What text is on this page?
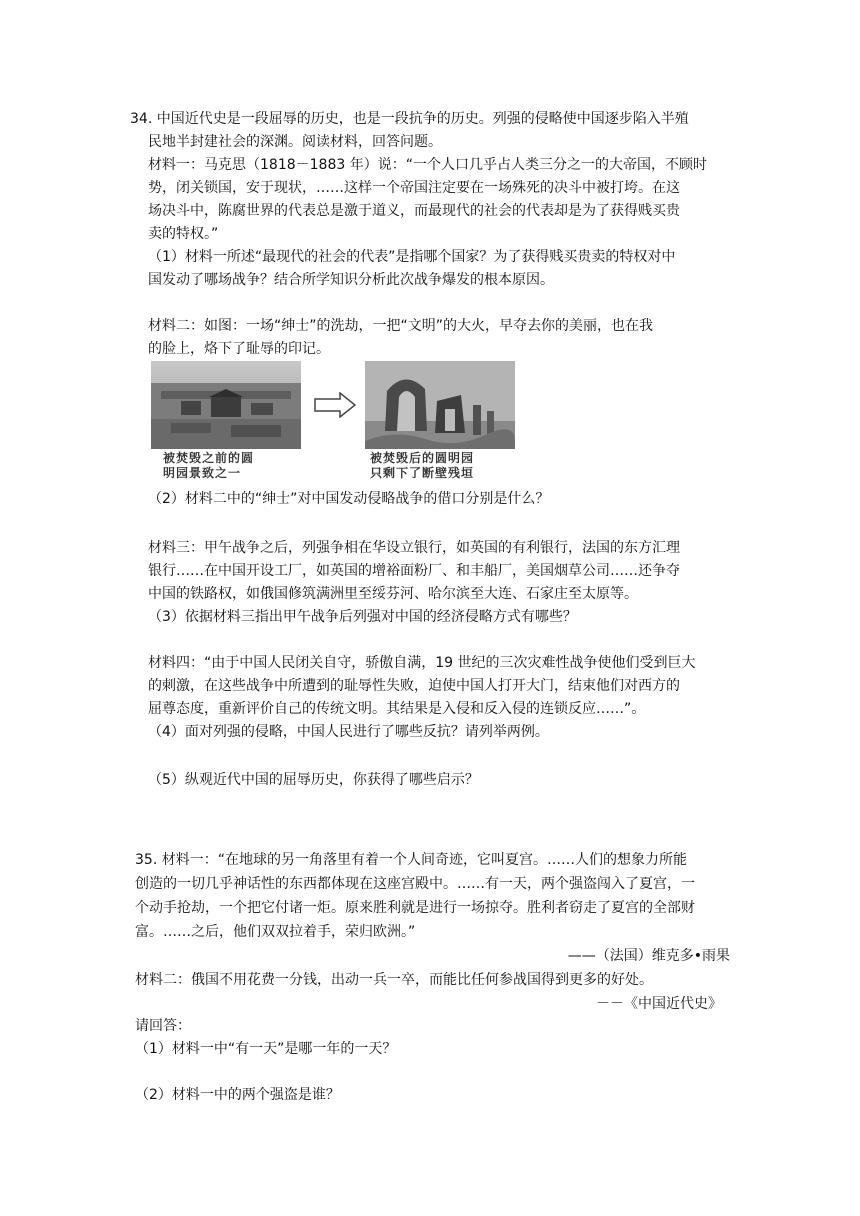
34. 中国近代史是一段屈辱的历史，也是一段抗争的历史。列强的侵略使中国逐步陷入半殖
民地半封建社会的深渊。阅读材料，回答问题。
材料一：马克思（1818－1883 年）说：“一个人口几乎占人类三分之一的大帝国，不顾时
势，闭关锁国，安于现状，……这样一个帝国注定要在一场殊死的决斗中被打垮。在这
场决斗中，陈腐世界的代表总是激于道义，而最现代的社会的代表却是为了获得贱买贵
卖的特权。”
（1）材料一所述“最现代的社会的代表”是指哪个国家？为了获得贱买贵卖的特权对中
国发动了哪场战争？结合所学知识分析此次战争爆发的根本原因。
材料二：如图：一场“绅士”的洗劫，一把“文明”的大火，早夺去你的美丽，也在我
的脸上，烙下了耻辱的印记。
被焚毁之前的圆
明园景致之一
被焚毁后的圆明园
只剩下了断壁残垣
（2）材料二中的“绅士”对中国发动侵略战争的借口分别是什么？
材料三：甲午战争之后，列强争相在华设立银行，如英国的有利银行，法国的东方汇理
银行……在中国开设工厂，如英国的增裕面粉厂、和丰船厂，美国烟草公司……还争夺
中国的铁路权，如俄国修筑满洲里至绥芬河、哈尔滨至大连、石家庄至太原等。
（3）依据材料三指出甲午战争后列强对中国的经济侵略方式有哪些？
材料四：“由于中国人民闭关自守，骄傲自满，19 世纪的三次灾难性战争使他们受到巨大
的刺激，在这些战争中所遭到的耻辱性失败，迫使中国人打开大门，结束他们对西方的
屈尊态度，重新评价自己的传统文明。其结果是入侵和反入侵的连锁反应……”。
（4）面对列强的侵略，中国人民进行了哪些反抗？请列举两例。
（5）纵观近代中国的屈辱历史，你获得了哪些启示？
35. 材料一：“在地球的另一角落里有着一个人间奇迹，它叫夏宫。……人们的想象力所能
创造的一切几乎神话性的东西都体现在这座宫殿中。……有一天，两个强盗闯入了夏宫，一
个动手抢劫，一个把它付诸一炬。原来胜利就是进行一场掠夺。胜利者窃走了夏宫的全部财
富。……之后，他们双双拉着手，荣归欧洲。”
——（法国）维克多•雨果
材料二：俄国不用花费一分钱，出动一兵一卒，而能比任何参战国得到更多的好处。
－－《中国近代史》
请回答：
（1）材料一中“有一天”是哪一年的一天？
（2）材料一中的两个强盗是谁？
